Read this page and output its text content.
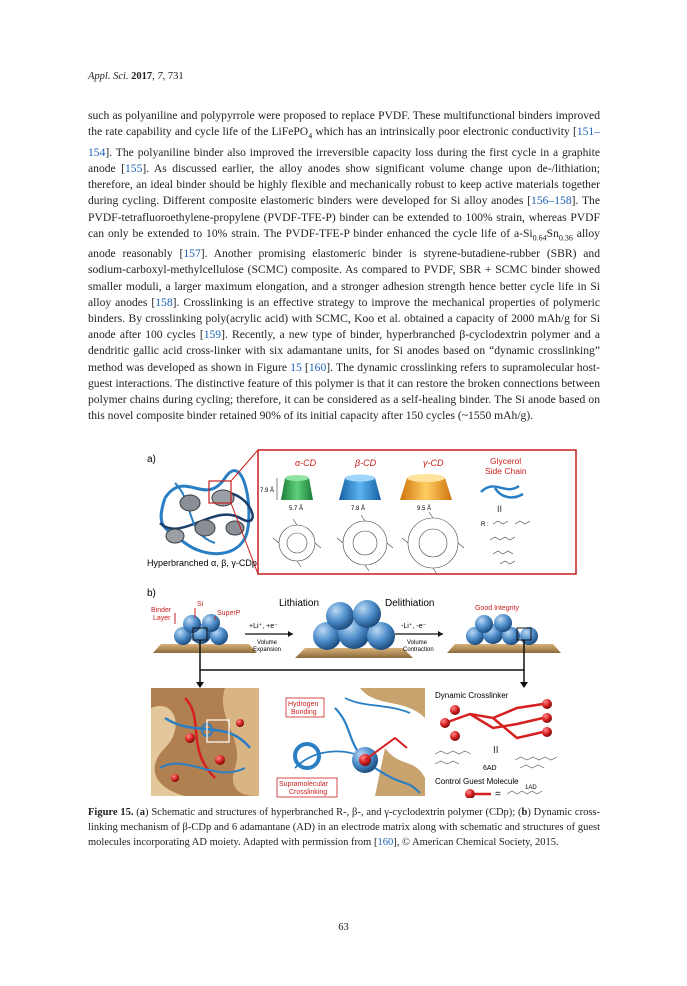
Appl. Sci. 2017, 7, 731

such as polyaniline and polypyrrole were proposed to replace PVDF. These multifunctional binders improved the rate capability and cycle life of the LiFePO$_4$ which has an intrinsically poor electronic conductivity [151–154]. The polyaniline binder also improved the irreversible capacity loss during the first cycle in a graphite anode [155]. As discussed earlier, the alloy anodes show significant volume change upon de-/lithiation; therefore, an ideal binder should be highly flexible and mechanically robust to keep active materials together during cycling. Different composite elastomeric binders were developed for Si alloy anodes [156–158]. The PVDF-tetrafluoroethylene-propylene (PVDF-TFE-P) binder can be extended to 100% strain, whereas PVDF can only be extended to 10% strain. The PVDF-TFE-P binder enhanced the cycle life of $a-Si_{0.64}Sn_{0.36}$ alloy anode reasonably [157]. Another promising elastomeric binder is styrene-butadiene-rubber (SBR) and sodium-carboxyl-methylcellulose (SCMC) composite. As compared to PVDF, SBR + SCMC binder showed smaller moduli, a larger maximum elongation, and a stronger adhesion strength hence better cycle life in Si alloy anodes [158]. Crosslinking is an effective strategy to improve the mechanical properties of polymeric binders. By crosslinking poly(acrylic acid) with SCMC, Koo et al. obtained a capacity of 2000 mAh/g for Si anode after 100 cycles [159]. Recently, a new type of binder, hyperbranched β-cyclodextrin polymer and a dendritic gallic acid cross-linker with six adamantane units, for Si anodes based on “dynamic crosslinking” method was developed as shown in Figure 15 [160]. The dynamic crosslinking refers to supramolecular host-guest interactions. The distinctive feature of this polymer is that it can restore the broken connections between polymer chains during cycling; therefore, it can be considered as a self-healing binder. The Si anode based on this novel composite binder retained 90% of its initial capacity after 150 cycles (~1550 mAh/g).

a)
Hyperbranched α, β, γ-CDp
α-CD	β-CD	γ-CD	Glycerol
Side Chain
7.9 Å
5.7 Å	7.8 Å	9.5 Å	II
R :
b)
Binder
Layer
Si
SuperP
Lithiation
+Li⁺, +e⁻
Volume
Expansion
Delithiation
-Li⁺, -e⁻
Volume
Contraction
Good Integrity
Hydrogen
Bonding
Supramolecular
Crosslinking
Dynamic Crosslinker
II
6AD
Control Guest Molecule
=
1AD
Figure 15. (a) Schematic and structures of hyperbranched R-, β-, and γ-cyclodextrin polymer (CDp); (b) Dynamic cross-linking mechanism of β-CDp and 6 adamantane (AD) in an electrode matrix along with schematic and structures of guest molecules incorporating AD moiety. Adapted with permission from [160], © American Chemical Society, 2015.
63
